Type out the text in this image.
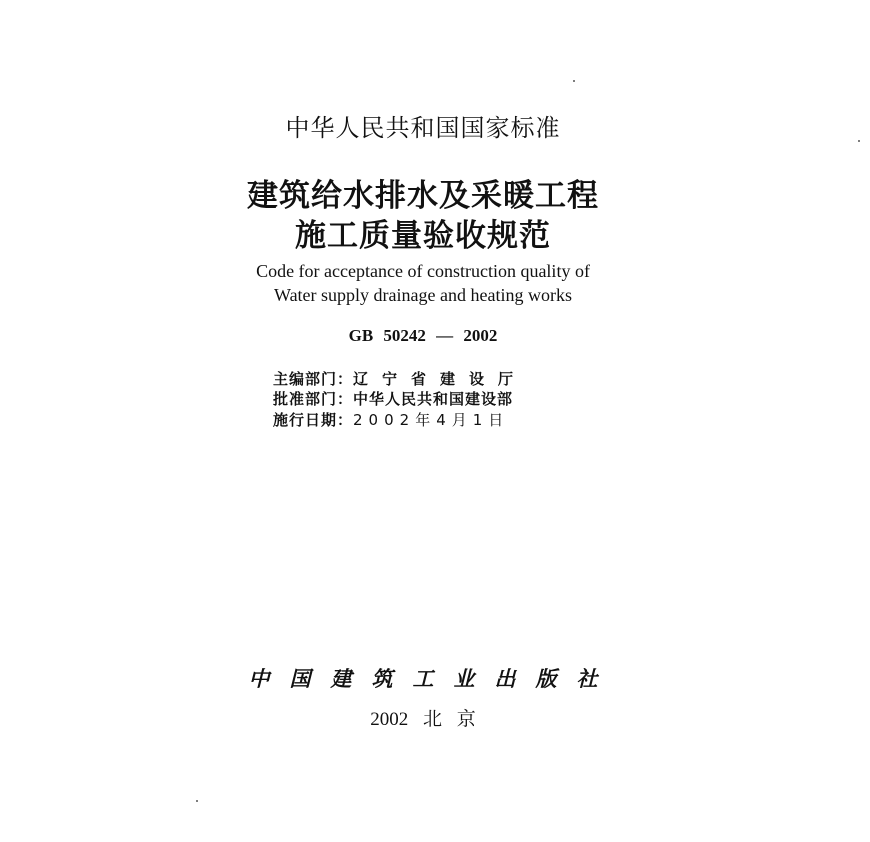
中华人民共和国国家标准
建筑给水排水及采暖工程
施工质量验收规范
Code for acceptance of construction quality of
Water supply drainage and heating works
GB 50242 — 2002
主编部门：辽宁省建设厅
批准部门：中华人民共和国建设部
施行日期：2002年4月1日
中国建筑工业出版社
2002 北 京
